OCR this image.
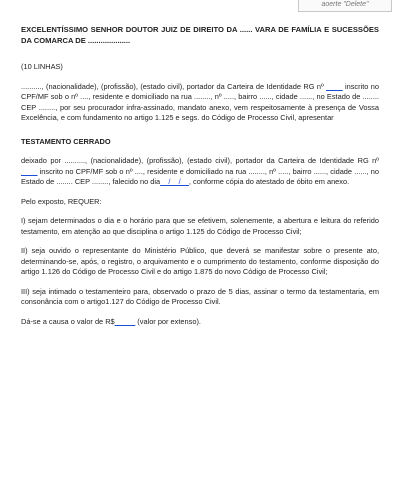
aoerte "Delete"

EXCELENTÍSSIMO SENHOR DOUTOR JUIZ DE DIREITO DA ...... VARA DE FAMÍLIA E SUCESSÕES DA COMARCA DE ....................

(10 LINHAS)

.........., (nacionalidade), (profissão), (estado civil), portador da Carteira de Identidade RG nº ____ inscrito no CPF/MF sob o nº ...., residente e domiciliado na rua ........, nº ....., bairro ......, cidade ......, no Estado de ........ CEP ........, por seu procurador infra-assinado, mandato anexo, vem respeitosamente à presença de Vossa Excelência, e com fundamento no artigo 1.125 e segs. do Código de Processo Civil, apresentar

TESTAMENTO CERRADO

deixado por .........., (nacionalidade), (profissão), (estado civil), portador da Carteira de Identidade RG nº ____ inscrito no CPF/MF sob o nº ...., residente e domiciliado na rua ........, nº ....., bairro ......, cidade ......, no Estado de ........ CEP ........, falecido no dia__/__/__, conforme cópia do atestado de óbito em anexo.

Pelo exposto, REQUER:

I) sejam determinados o dia e o horário para que se efetivem, solenemente, a abertura e leitura do referido testamento, em atenção ao que disciplina o artigo 1.125 do Código de Processo Civil;

II) seja ouvido o representante do Ministério Público, que deverá se manifestar sobre o presente ato, determinando-se, após, o registro, o arquivamento e o cumprimento do testamento, conforme disposição do artigo 1.126 do Código de Processo Civil e do artigo 1.875 do novo Código de Processo Civil;

III) seja intimado o testamenteiro para, observado o prazo de 5 dias, assinar o termo da testamentaria, em consonância com o artigo1.127 do Código de Processo Civil.

Dá-se a causa o valor de R$_____ (valor por extenso).
